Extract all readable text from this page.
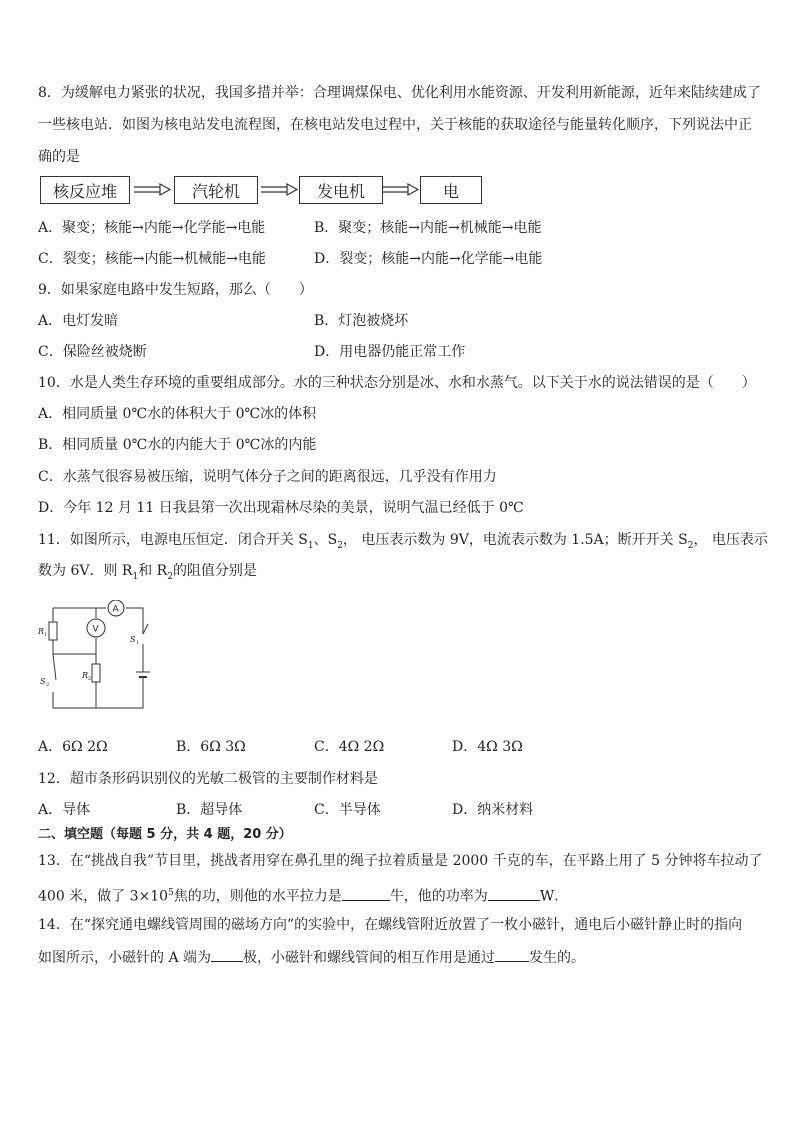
8．为缓解电力紧张的状况，我国多措并举：合理调煤保电、优化利用水能资源、开发利用新能源，近年来陆续建成了
一些核电站．如图为核电站发电流程图，在核电站发电过程中，关于核能的获取途径与能量转化顺序，下列说法中正
确的是
核反应堆	汽轮机	发电机	电
A．聚变；核能→内能→化学能→电能	B．聚变；核能→内能→机械能→电能
C．裂变；核能→内能→机械能→电能	D．裂变；核能→内能→化学能→电能
9．如果家庭电路中发生短路，那么（　　）
A．电灯发暗	B．灯泡被烧坏
C．保险丝被烧断	D．用电器仍能正常工作
10．水是人类生存环境的重要组成部分。水的三种状态分别是冰、水和水蒸气。以下关于水的说法错误的是（　　）
A．相同质量 0℃水的体积大于 0℃冰的体积
B．相同质量 0℃水的内能大于 0℃冰的内能
C．水蒸气很容易被压缩，说明气体分子之间的距离很远，几乎没有作用力
D．今年 12 月 11 日我县第一次出现霜林尽染的美景，说明气温已经低于 0℃
11．如图所示，电源电压恒定．闭合开关 $S_1$、$S_2$， 电压表示数为 9V，电流表示数为 1.5A；断开开关 $S_2$， 电压表示
数为 6V．则 $R_1$和 $R_2$的阻值分别是
A
V
R 1
R 2
S 1
S 2
A．6Ω 2Ω	B．6Ω 3Ω	C．4Ω 2Ω	D．4Ω 3Ω
12．超市条形码识别仪的光敏二极管的主要制作材料是
A．导体	B．超导体	C．半导体	D．纳米材料
二、填空题（每题 5 分，共 4 题，20 分）
13．在“挑战自我”节目里，挑战者用穿在鼻孔里的绳子拉着质量是 2000 千克的车，在平路上用了 5 分钟将车拉动了
400 米，做了 $3\times 10^5$焦的功，则他的水平拉力是	牛，他的功率为	W．
14．在“探究通电螺线管周围的磁场方向”的实验中，在螺线管附近放置了一枚小磁针，通电后小磁针静止时的指向
如图所示，小磁针的 A 端为 极，小磁针和螺线管间的相互作用是通过 发生的。
